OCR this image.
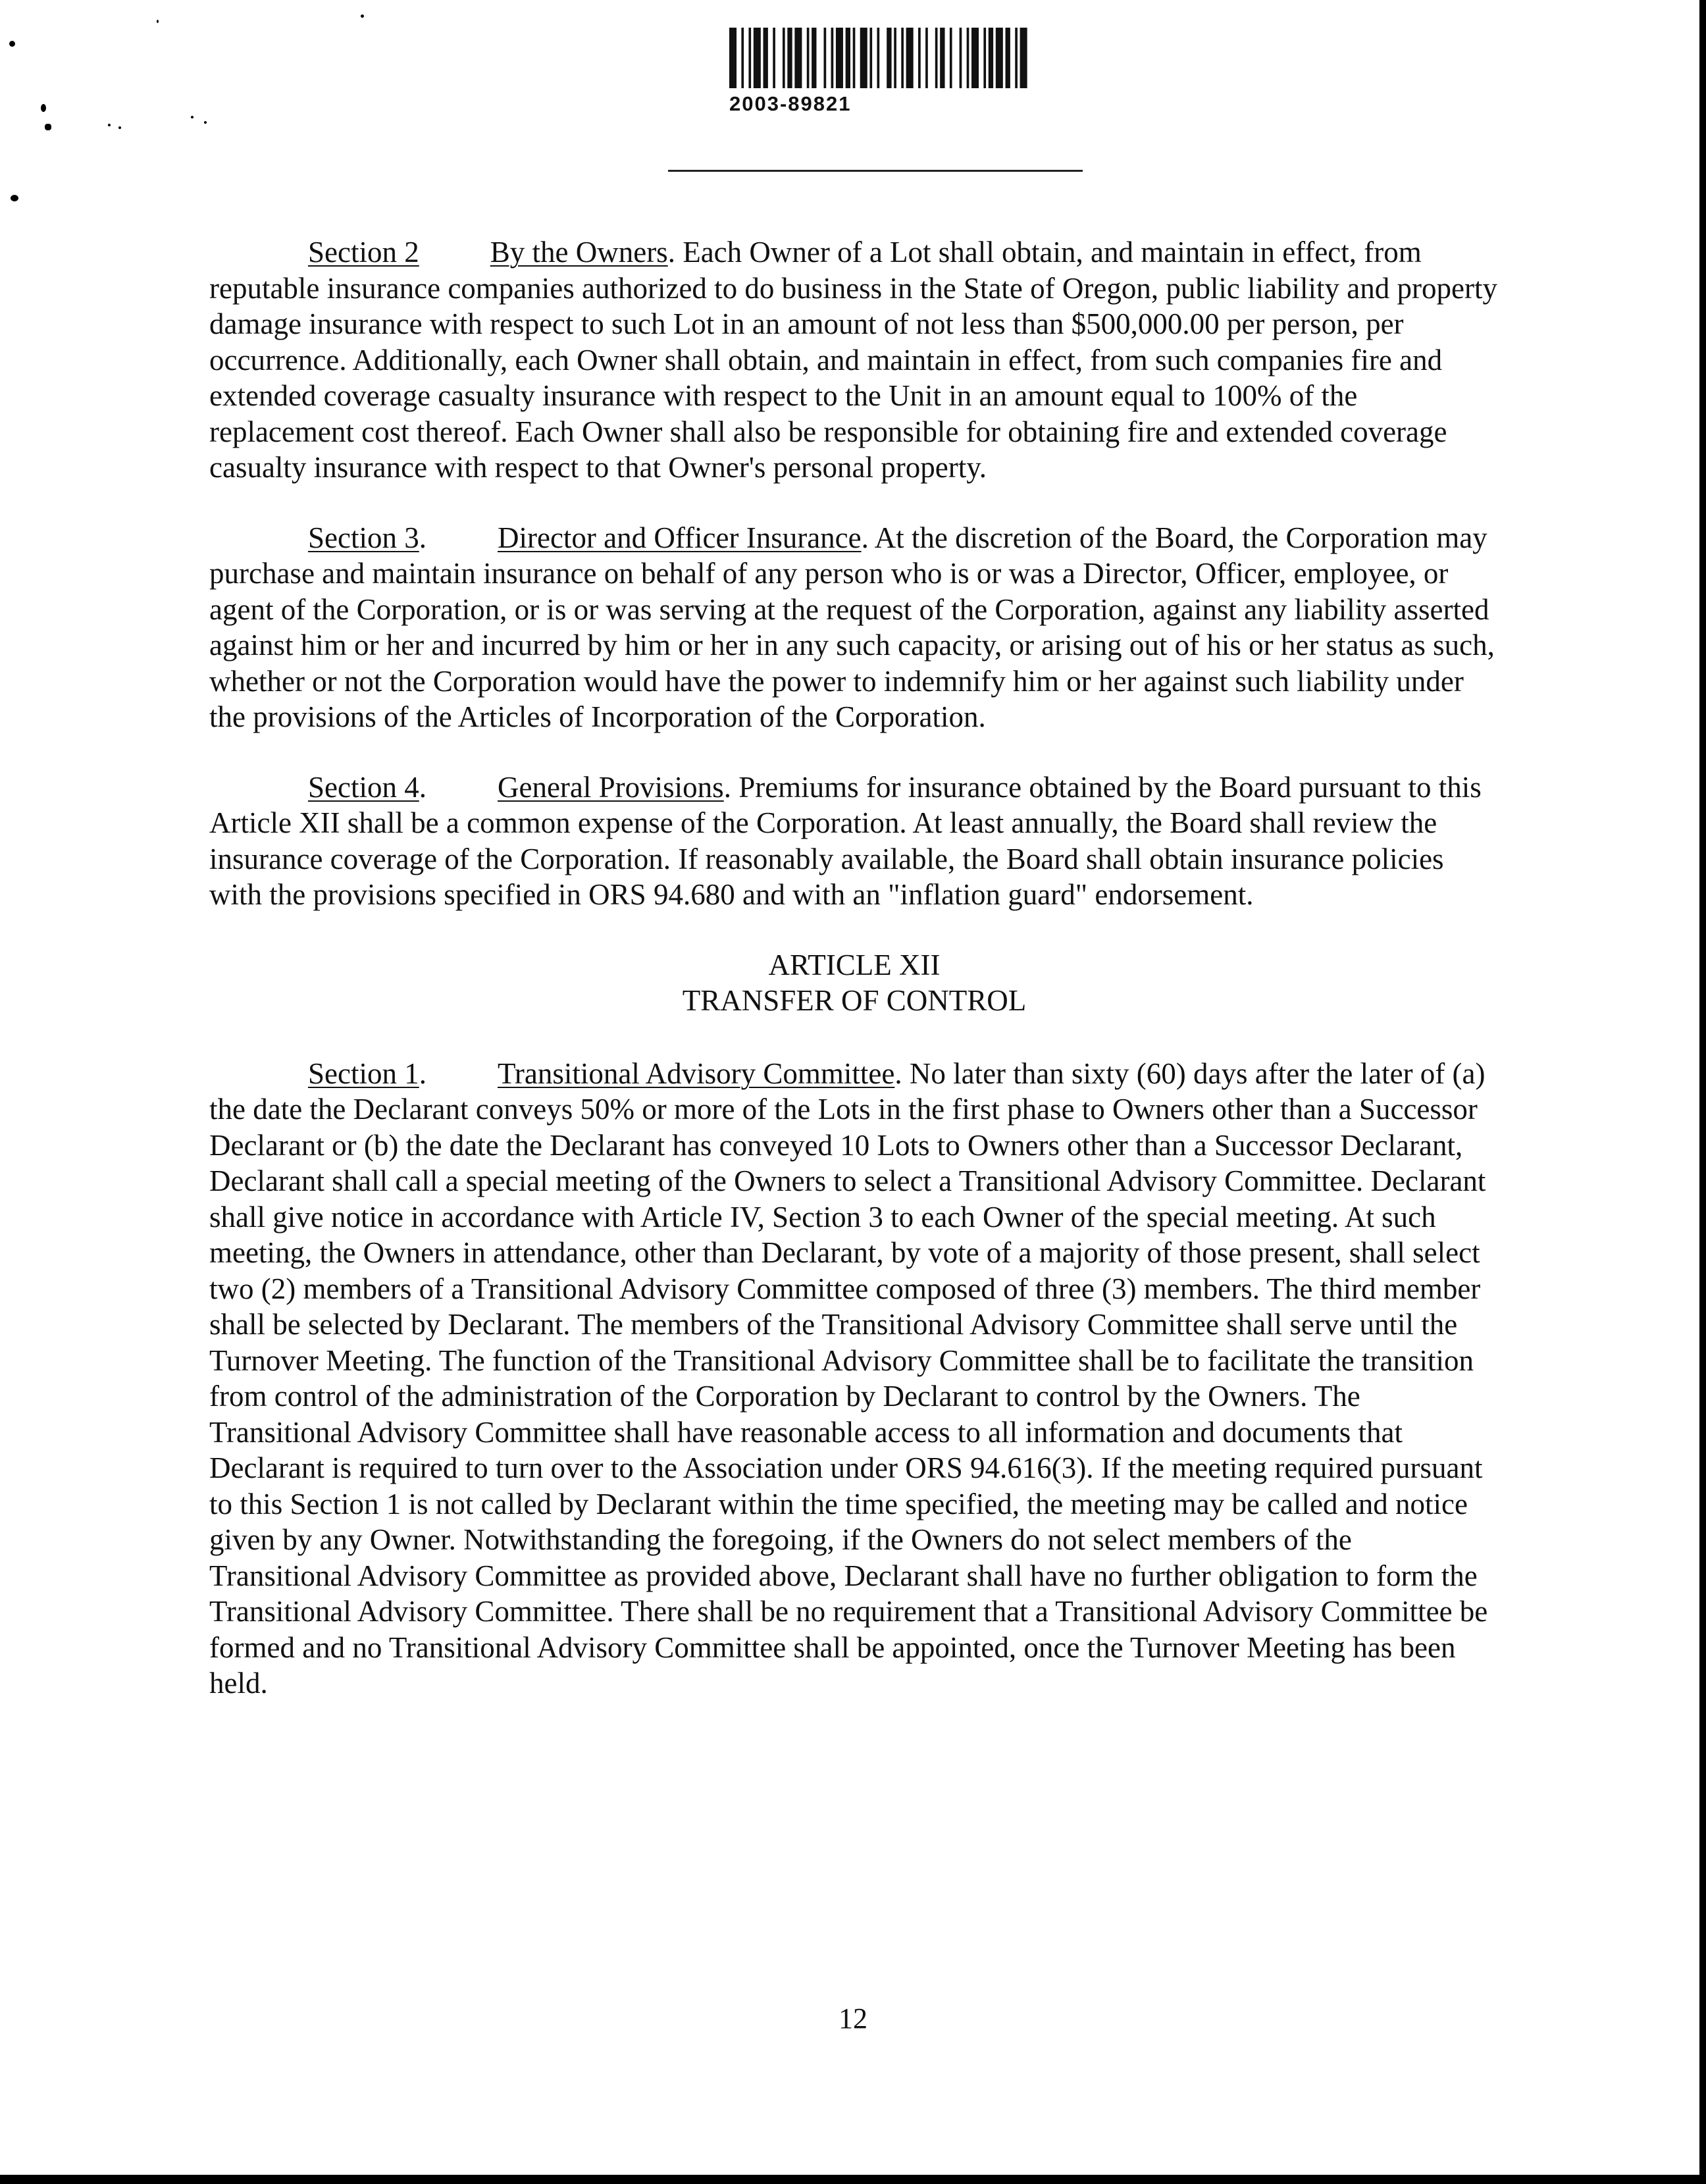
2003-89821

Section 2 By the Owners. Each Owner of a Lot shall obtain, and maintain in effect, from reputable insurance companies authorized to do business in the State of Oregon, public liability and property damage insurance with respect to such Lot in an amount of not less than $500,000.00 per person, per occurrence. Additionally, each Owner shall obtain, and maintain in effect, from such companies fire and extended coverage casualty insurance with respect to the Unit in an amount equal to 100% of the replacement cost thereof. Each Owner shall also be responsible for obtaining fire and extended coverage casualty insurance with respect to that Owner's personal property.

Section 3. Director and Officer Insurance. At the discretion of the Board, the Corporation may purchase and maintain insurance on behalf of any person who is or was a Director, Officer, employee, or agent of the Corporation, or is or was serving at the request of the Corporation, against any liability asserted against him or her and incurred by him or her in any such capacity, or arising out of his or her status as such, whether or not the Corporation would have the power to indemnify him or her against such liability under the provisions of the Articles of Incorporation of the Corporation.

Section 4. General Provisions. Premiums for insurance obtained by the Board pursuant to this Article XII shall be a common expense of the Corporation. At least annually, the Board shall review the insurance coverage of the Corporation. If reasonably available, the Board shall obtain insurance policies with the provisions specified in ORS 94.680 and with an "inflation guard" endorsement.

ARTICLE XII
TRANSFER OF CONTROL

Section 1. Transitional Advisory Committee. No later than sixty (60) days after the later of (a) the date the Declarant conveys 50% or more of the Lots in the first phase to Owners other than a Successor Declarant or (b) the date the Declarant has conveyed 10 Lots to Owners other than a Successor Declarant, Declarant shall call a special meeting of the Owners to select a Transitional Advisory Committee. Declarant shall give notice in accordance with Article IV, Section 3 to each Owner of the special meeting. At such meeting, the Owners in attendance, other than Declarant, by vote of a majority of those present, shall select two (2) members of a Transitional Advisory Committee composed of three (3) members. The third member shall be selected by Declarant. The members of the Transitional Advisory Committee shall serve until the Turnover Meeting. The function of the Transitional Advisory Committee shall be to facilitate the transition from control of the administration of the Corporation by Declarant to control by the Owners. The Transitional Advisory Committee shall have reasonable access to all information and documents that Declarant is required to turn over to the Association under ORS 94.616(3). If the meeting required pursuant to this Section 1 is not called by Declarant within the time specified, the meeting may be called and notice given by any Owner. Notwithstanding the foregoing, if the Owners do not select members of the Transitional Advisory Committee as provided above, Declarant shall have no further obligation to form the Transitional Advisory Committee. There shall be no requirement that a Transitional Advisory Committee be formed and no Transitional Advisory Committee shall be appointed, once the Turnover Meeting has been held.

12
